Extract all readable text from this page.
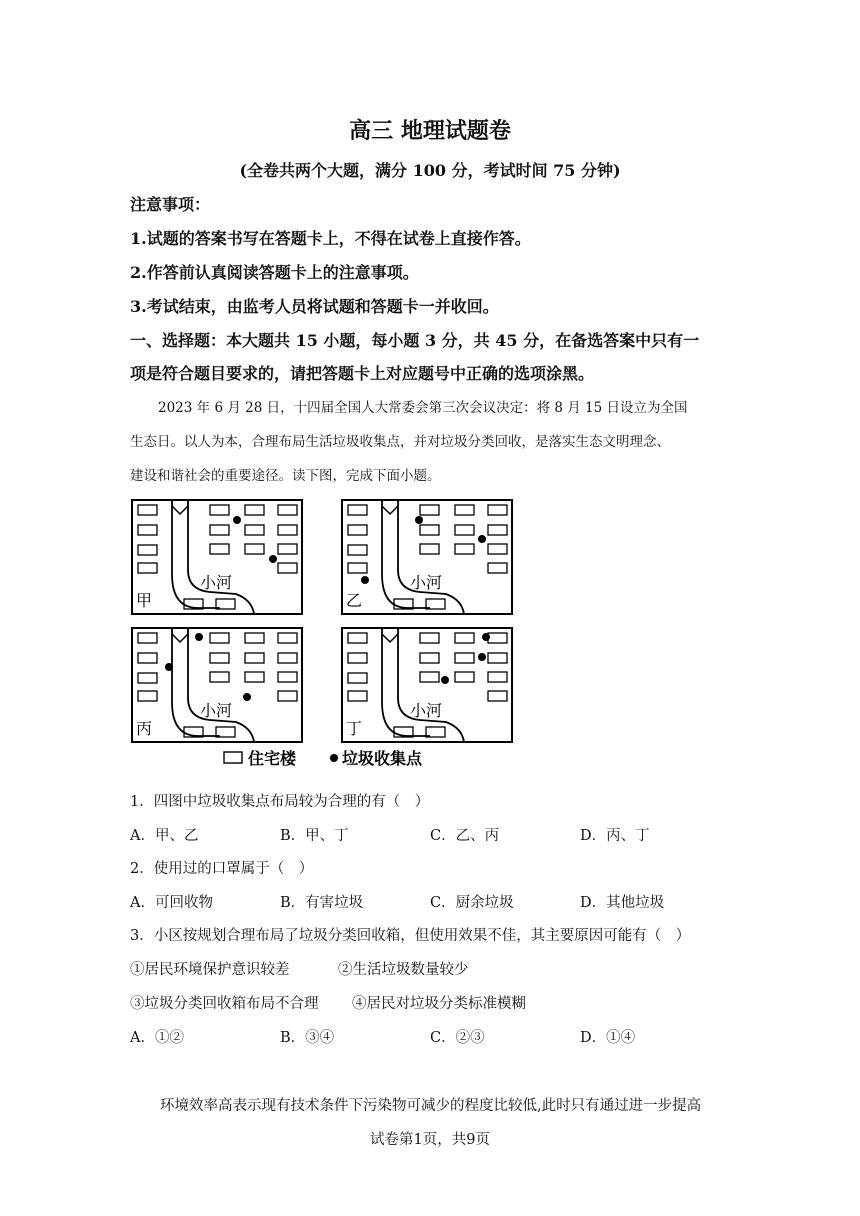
高三 地理试题卷
(全卷共两个大题，满分 100 分，考试时间 75 分钟)
注意事项：
1.试题的答案书写在答题卡上，不得在试卷上直接作答。
2.作答前认真阅读答题卡上的注意事项。
3.考试结束，由监考人员将试题和答题卡一并收回。
一、选择题：本大题共 15 小题，每小题 3 分，共 45 分，在备选答案中只有一
项是符合题目要求的，请把答题卡上对应题号中正确的选项涂黑。
2023 年 6 月 28 日，十四届全国人大常委会第三次会议决定：将 8 月 15 日设立为全国
生态日。以人为本，合理布局生活垃圾收集点，并对垃圾分类回收，是落实生态文明理念、
建设和谐社会的重要途径。读下图，完成下面小题。
小河
甲
小河
乙
小河
丙
小河
丁
住宅楼	垃圾收集点
1．四图中垃圾收集点布局较为合理的有（　）
A．甲、乙	B．甲、丁	C．乙、丙	D．丙、丁
2．使用过的口罩属于（　）
A．可回收物	B．有害垃圾	C．厨余垃圾	D．其他垃圾
3．小区按规划合理布局了垃圾分类回收箱，但使用效果不佳，其主要原因可能有（　）
①居民环境保护意识较差	②生活垃圾数量较少
③垃圾分类回收箱布局不合理 ④居民对垃圾分类标准模糊
A．①②	B．③④	C．②③	D．①④
环境效率高表示现有技术条件下污染物可减少的程度比较低,此时只有通过进一步提高
试卷第1页，共9页
